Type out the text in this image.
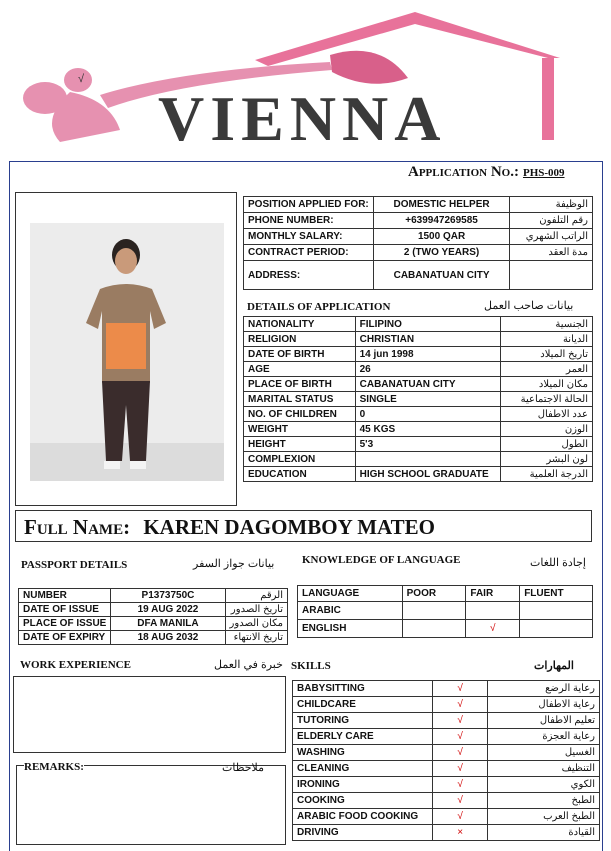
√
VIENNA
Application No.: PHS-009
POSITION APPLIED FOR:	DOMESTIC HELPER	الوظيفة
PHONE NUMBER:	+639947269585	رقم التلفون
MONTHLY SALARY:	1500 QAR	الراتب الشهري
CONTRACT PERIOD:	2 (TWO YEARS)	مدة العقد
ADDRESS:	CABANATUAN CITY	
DETAILS OF APPLICATION	بيانات صاحب العمل
NATIONALITY	FILIPINO	الجنسية
RELIGION	CHRISTIAN	الديانة
DATE OF BIRTH	14 jun 1998	تاريخ الميلاد
AGE	26	العمر
PLACE OF BIRTH	CABANATUAN CITY	مكان الميلاد
MARITAL STATUS	SINGLE	الحالة الاجتماعية
NO. OF CHILDREN	0	عدد الاطفال
WEIGHT	45 KGS	الوزن
HEIGHT	5'3	الطول
COMPLEXION		لون البشر
EDUCATION	HIGH SCHOOL GRADUATE	الدرجة العلمية
Full Name: KAREN DAGOMBOY MATEO
PASSPORT DETAILS	بيانات جواز السفر
NUMBER	P1373750C	الرقم
DATE OF ISSUE	19 AUG 2022	تاريخ الصدور
PLACE OF ISSUE	DFA MANILA	مكان الصدور
DATE OF EXPIRY	18 AUG 2032	تاريخ الانتهاء
KNOWLEDGE OF LANGUAGE	إجادة اللغات
LANGUAGE	POOR	FAIR	FLUENT
ARABIC			
ENGLISH		√	
WORK EXPERIENCE	خبرة في العمل
REMARKS:	ملاحظات
SKILLS	المهارات
BABYSITTING	√	رعاية الرضع
CHILDCARE	√	رعاية الاطفال
TUTORING	√	تعليم الاطفال
ELDERLY CARE	√	رعاية العجزة
WASHING	√	الغسيل
CLEANING	√	التنظيف
IRONING	√	الكوي
COOKING	√	الطبخ
ARABIC FOOD COOKING	√	الطبخ العرب
DRIVING	×	القيادة
